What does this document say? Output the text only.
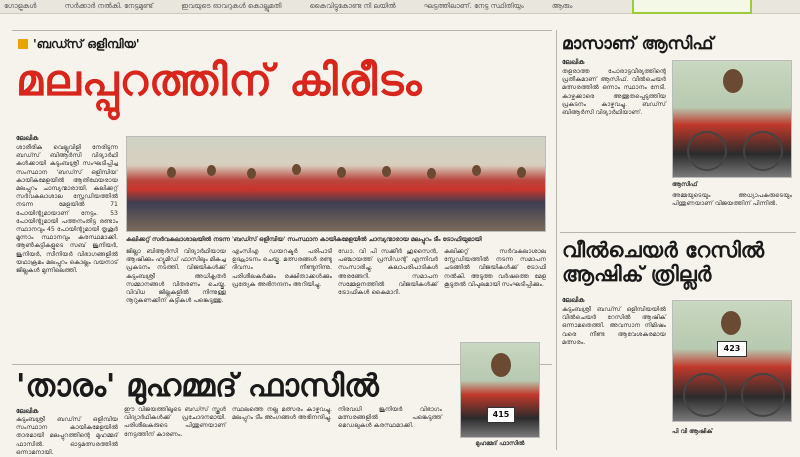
ഗോളുകൾ	സർക്കാർ നൽകി. നേട്ടമുണ്ട്	ഇവയുടെ ഓവറുകൾ കൊല്ലുമതി	കൈവിട്ടുകോണ്ട നി ലയിൽ	ഘട്ടത്തിലാണ്. നേട്ട സ്ഥിതിയും	ആരും
'ബഡ്സ് ഒളിമ്പിയ'
മലപ്പുറത്തിന് കിരീടം
ലേഖിക
ശാരീരിക വെല്ലുവിളി നേരിടുന്ന ബഡ്സ് ബിആർസി വിദ്യാർഥി കൾക്കായി കുടുംബശ്രീ സംഘടിപ്പിച്ച സംസ്ഥാന 'ബഡ്സ് ഒളിമ്പിയ' കായികമേളയിൽ ആതിഥേയരായ മലപ്പുറം ചാമ്പ്യന്മാരായി. കലിക്കറ്റ് സർവകലാശാല സ്റ്റേഡിയത്തിൽ നടന്ന മേളയിൽ 71 പോയിന്റുമായാണ് നേട്ടം. 53 പോയിന്റുമായി പത്തനംതിട്ട രണ്ടാം സ്ഥാനവും 45 പോയിന്റുമായി തൃശൂർ മൂന്നാം സ്ഥാനവും കരസ്ഥമാക്കി. ആൺകുട്ടികളുടെ സബ് ജൂനിയർ, ജൂനിയർ, സീനിയർ വിഭാഗങ്ങളിൽ യഥാക്രമം മലപ്പുറം കൊല്ലം വയനാട് ജില്ലകൾ മുന്നിലെത്തി.
കലിക്കറ്റ് സർവകലാശാലയിൽ നടന്ന 'ബഡ്സ് ഒളിമ്പിയ' സംസ്ഥാന കായികമേളയിൽ ചാമ്പ്യന്മാരായ മലപ്പുറം ടീം ട്രോഫിയുമായി
ജില്ലാ ബിആർസി വിദ്യാർഥിയായ ആഷിക്കും ഹ്യുമിഡ് ഫാസിലും മികച്ച പ്രകടനം നടത്തി. വിജയികൾക്ക് കുടുംബശ്രീ അധികൃതർ സമ്മാനങ്ങൾ വിതരണം ചെയ്തു. വിവിധ ജില്ലകളിൽ നിന്നുള്ള നൂറുകണക്കിന് കുട്ടികൾ പങ്കെടുത്തു.
എംസിഎ ഡയറക്ടർ പരിപാടി ഉദ്ഘാടനം ചെയ്തു. മത്സരങ്ങൾ രണ്ടു ദിവസം നീണ്ടുനിന്നു. പരിശീലകർക്കും രക്ഷിതാക്കൾക്കും പ്രത്യേക അഭിനന്ദനം അറിയിച്ചു.
ഡോ. വി പി സക്കീർ ഹുസൈൻ, പഞ്ചായത്ത് പ്രസിഡന്റ് എന്നിവർ സംസാരിച്ചു. കലാപരിപാടികൾ അരങ്ങേറി. സമാപന സമ്മേളനത്തിൽ വിജയികൾക്ക് ട്രോഫികൾ കൈമാറി.
കലിക്കറ്റ് സർവകലാശാല സ്റ്റേഡിയത്തിൽ നടന്ന സമാപന ചടങ്ങിൽ വിജയികൾക്ക് ട്രോഫി നൽകി. അടുത്ത വർഷത്തെ മേള കൂടുതൽ വിപുലമായി സംഘടിപ്പിക്കും.
'താരം' മുഹമ്മദ് ഫാസിൽ
ലേഖിക
കുടുംബശ്രീ ബഡ്സ് ഒളിമ്പിയ സംസ്ഥാന കായികമേളയിൽ താരമായി മലപ്പുറത്തിന്റെ മുഹമ്മദ് ഫാസിൽ. ഓട്ടമത്സരത്തിൽ ഒന്നാമനായി.
ഈ വിജയത്തിലൂടെ ബഡ്സ് സ്കൂൾ വിദ്യാർഥികൾക്ക് പ്രചോദനമായി. പരിശീലകരുടെ പിന്തുണയാണ് നേട്ടത്തിന് കാരണം.
സ്ഥലത്തെ നല്ല മത്സരം കാഴ്ചവച്ചു. മലപ്പുറം ടീം അംഗങ്ങൾ അഭിനന്ദിച്ചു.
നിരവധി ജൂനിയർ വിഭാഗം മത്സരങ്ങളിൽ പങ്കെടുത്ത് മെഡലുകൾ കരസ്ഥമാക്കി.
415
മുഹമ്മദ് ഫാസിൽ
മാസാണ് ആസിഫ്
ലേഖിക
തളരാത്ത പോരാട്ടവീര്യത്തിന്റെ പ്രതീകമാണ് ആസിഫ്. വീൽചെയർ മത്സരത്തിൽ ഒന്നാം സ്ഥാനം നേടി. കാഴ്ചക്കാരെ അത്ഭുതപ്പെടുത്തിയ പ്രകടനം കാഴ്ചവച്ചു. ബഡ്സ് ബിആർസി വിദ്യാർഥിയാണ്.
ആസിഫ്
അമ്മയുടെയും അധ്യാപകരുടെയും പിന്തുണയാണ് വിജയത്തിന് പിന്നിൽ.
വീൽചെയർ റേസിൽ ആഷിക് ത്രില്ലർ
ലേഖിക
കുടുംബശ്രീ ബഡ്സ് ഒളിമ്പിയയിൽ വീൽചെയർ റേസിൽ ആഷിക് ഒന്നാമതെത്തി. അവസാന നിമിഷം വരെ നീണ്ട ആവേശകരമായ മത്സരം.
423
പി വി ആഷിക്
